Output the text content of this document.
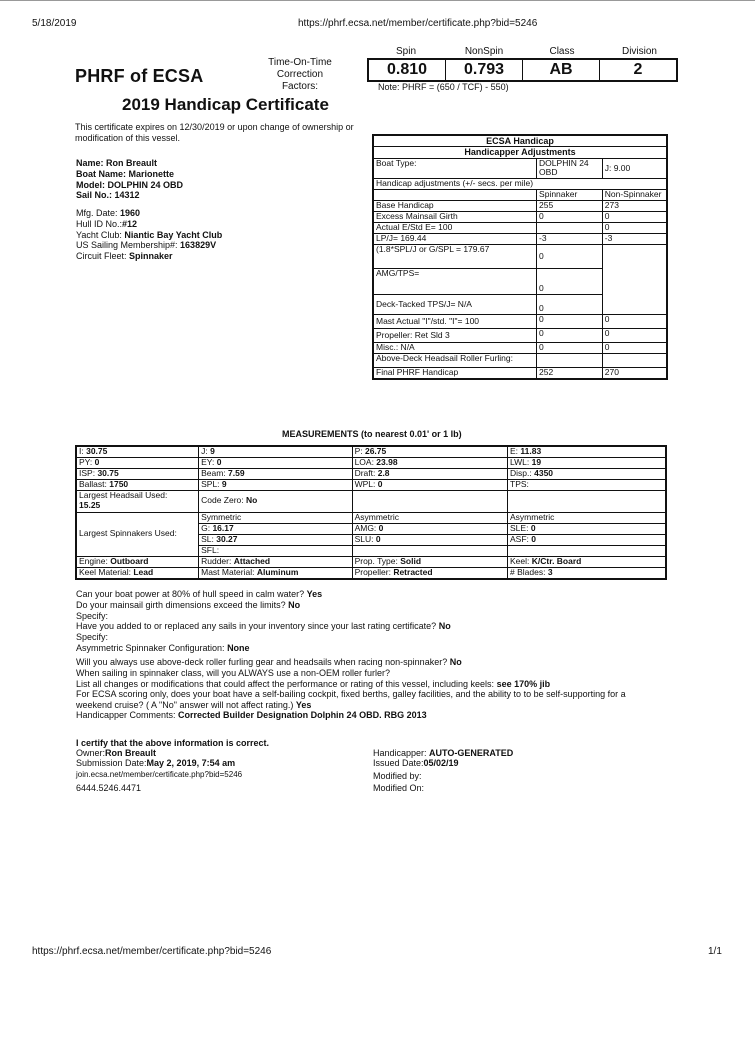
5/18/2019	https://phrf.ecsa.net/member/certificate.php?bid=5246
PHRF of ECSA
2019 Handicap Certificate
Time-On-Time Correction
Factors:
Spin	NonSpin	Class	Division
0.810	0.793	AB	2
Note: PHRF = (650 / TCF) - 550)
This certificate expires on 12/30/2019 or upon change of ownership or
modification of this vessel.
Name: Ron Breault
Boat Name: Marionette
Model: DOLPHIN 24 OBD
Sail No.: 14312
Mfg. Date: 1960
Hull ID No.:#12
Yacht Club: Niantic Bay Yacht Club
US Sailing Membership#: 163829V
Circuit Fleet: Spinnaker
ECSA Handicap		
Handicapper Adjustments		
Boat Type:	DOLPHIN 24 OBD	J: 9.00
Handicap adjustments (+/- secs. per mile)		
	Spinnaker	Non-Spinnaker
Base Handicap	255	273
Excess Mainsail Girth	0	0
Actual E/Std E= 100		0
LP/J= 169.44	-3	-3
(1.8*SPL/J or G/SPL = 179.67	0	
AMG/TPS=	0	
Deck-Tacked TPS/J= N/A	0	
Mast Actual "I"/std. "I"= 100	0	0
Propeller: Ret Sld 3	0	0
Misc.: N/A	0	0
Above-Deck Headsail Roller Furling:		
Final PHRF Handicap	252	270
MEASUREMENTS (to nearest 0.01' or 1 lb)
I: 30.75	J: 9	P: 26.75	E: 11.83
PY: 0	EY: 0	LOA: 23.98	LWL: 19
ISP: 30.75	Beam: 7.59	Draft: 2.8	Disp.: 4350
Ballast: 1750	SPL: 9	WPL: 0	TPS:

Largest Headsail Used:
15.25	Code Zero: No		
Largest Spinnakers Used:	Symmetric	Asymmetric	Asymmetric
	G: 16.17	AMG: 0	SLE: 0
	SL: 30.27	SLU: 0	ASF: 0
	SFL:		
Engine: Outboard	Rudder: Attached	Prop. Type: Solid	Keel: K/Ctr. Board
Keel Material: Lead	Mast Material: Aluminum	Propeller: Retracted	# Blades: 3
Can your boat power at 80% of hull speed in calm water? Yes
Do your mainsail girth dimensions exceed the limits? No
Specify:
Have you added to or replaced any sails in your inventory since your last rating certificate? No
Specify:
Asymmetric Spinnaker Configuration: None
Will you always use above-deck roller furling gear and headsails when racing non-spinnaker? No
When sailing in spinnaker class, will you ALWAYS use a non-OEM roller furler?
List all changes or modifications that could affect the performance or rating of this vessel, including keels: see 170% jib
For ECSA scoring only, does your boat have a self-bailing cockpit, fixed berths, galley facilities, and the ability to to be self-supporting for a
weekend cruise? ( A "No" answer will not affect rating.) Yes
Handicapper Comments: Corrected Builder Designation Dolphin 24 OBD. RBG 2013
I certify that the above information is correct.
Owner:Ron Breault
Submission Date:May 2, 2019, 7:54 am
join.ecsa.net/member/certificate.php?bid=5246
6444.5246.4471
Handicapper: AUTO-GENERATED
Issued Date:05/02/19
Modified by:
Modified On:
https://phrf.ecsa.net/member/certificate.php?bid=5246	1/1
